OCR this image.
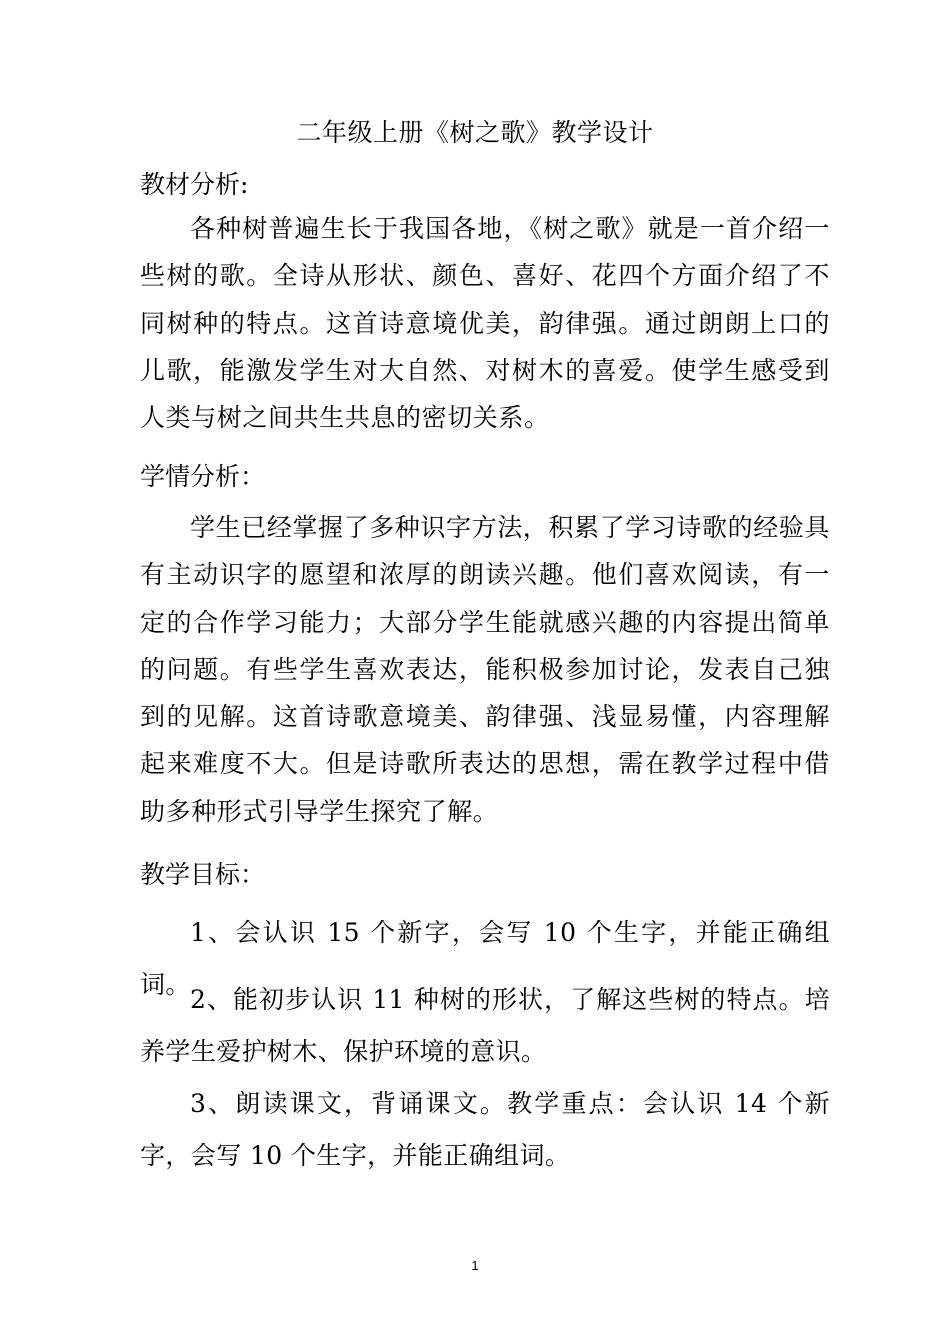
二年级上册《树之歌》教学设计
教材分析:
各种树普遍生长于我国各地，《树之歌》就是一首介绍一些树的歌。全诗从形状、颜色、喜好、花四个方面介绍了不同树种的特点。这首诗意境优美，韵律强。通过朗朗上口的儿歌，能激发学生对大自然、对树木的喜爱。使学生感受到人类与树之间共生共息的密切关系。
学情分析：
学生已经掌握了多种识字方法，积累了学习诗歌的经验具有主动识字的愿望和浓厚的朗读兴趣。他们喜欢阅读，有一定的合作学习能力；大部分学生能就感兴趣的内容提出简单的问题。有些学生喜欢表达，能积极参加讨论，发表自己独到的见解。这首诗歌意境美、韵律强、浅显易懂，内容理解起来难度不大。但是诗歌所表达的思想，需在教学过程中借助多种形式引导学生探究了解。
教学目标：
1、会认识 15 个新字，会写 10 个生字，并能正确组词。
2、能初步认识 11 种树的形状，了解这些树的特点。培养学生爱护树木、保护环境的意识。
3、朗读课文，背诵课文。教学重点：会认识 14 个新字，会写 10 个生字，并能正确组词。
1
